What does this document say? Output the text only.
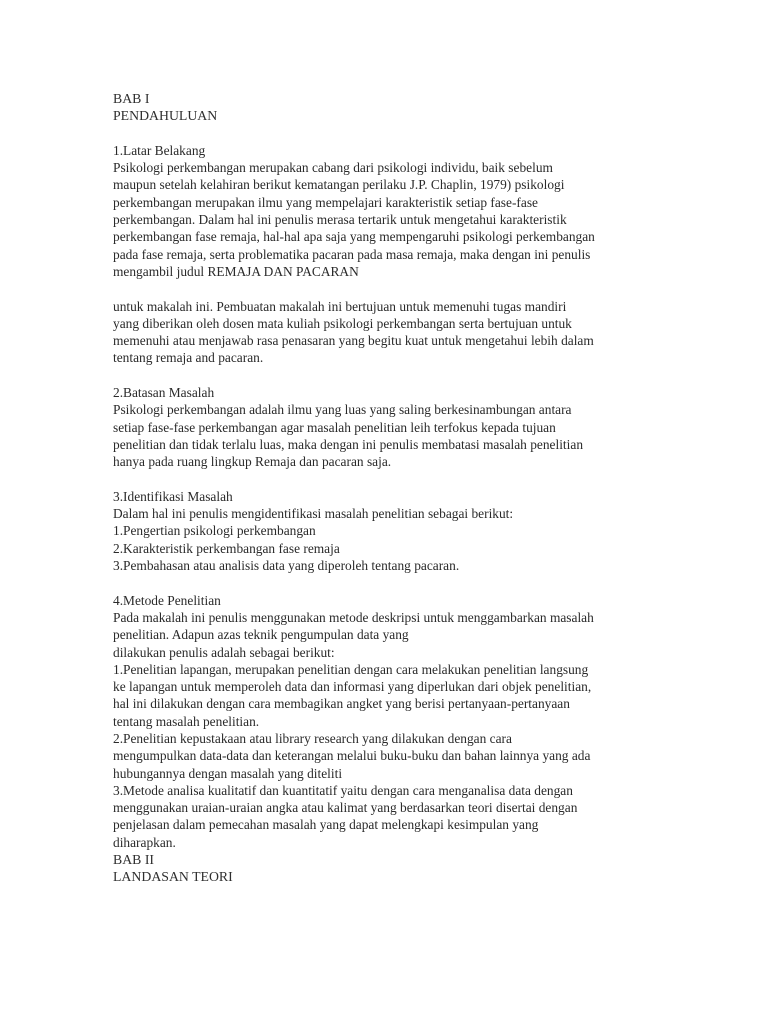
BAB I
PENDAHULUAN
1.Latar Belakang
Psikologi perkembangan merupakan cabang dari psikologi individu, baik sebelum
maupun setelah kelahiran berikut kematangan perilaku J.P. Chaplin, 1979) psikologi
perkembangan merupakan ilmu yang mempelajari karakteristik setiap fase-fase
perkembangan. Dalam hal ini penulis merasa tertarik untuk mengetahui karakteristik
perkembangan fase remaja, hal-hal apa saja yang mempengaruhi psikologi perkembangan
pada fase remaja, serta problematika pacaran pada masa remaja, maka dengan ini penulis
mengambil judul REMAJA DAN PACARAN
untuk makalah ini. Pembuatan makalah ini bertujuan untuk memenuhi tugas mandiri
yang diberikan oleh dosen mata kuliah psikologi perkembangan serta bertujuan untuk
memenuhi atau menjawab rasa penasaran yang begitu kuat untuk mengetahui lebih dalam
tentang remaja and pacaran.
2.Batasan Masalah
Psikologi perkembangan adalah ilmu yang luas yang saling berkesinambungan antara
setiap fase-fase perkembangan agar masalah penelitian leih terfokus kepada tujuan
penelitian dan tidak terlalu luas, maka dengan ini penulis membatasi masalah penelitian
hanya pada ruang lingkup Remaja dan pacaran saja.
3.Identifikasi Masalah
Dalam hal ini penulis mengidentifikasi masalah penelitian sebagai berikut:
1.Pengertian psikologi perkembangan
2.Karakteristik perkembangan fase remaja
3.Pembahasan atau analisis data yang diperoleh tentang pacaran.
4.Metode Penelitian
Pada makalah ini penulis menggunakan metode deskripsi untuk menggambarkan masalah
penelitian. Adapun azas teknik pengumpulan data yang
dilakukan penulis adalah sebagai berikut:
1.Penelitian lapangan, merupakan penelitian dengan cara melakukan penelitian langsung
ke lapangan untuk memperoleh data dan informasi yang diperlukan dari objek penelitian,
hal ini dilakukan dengan cara membagikan angket yang berisi pertanyaan-pertanyaan
tentang masalah penelitian.
2.Penelitian kepustakaan atau library research yang dilakukan dengan cara
mengumpulkan data-data dan keterangan melalui buku-buku dan bahan lainnya yang ada
hubungannya dengan masalah yang diteliti
3.Metode analisa kualitatif dan kuantitatif yaitu dengan cara menganalisa data dengan
menggunakan uraian-uraian angka atau kalimat yang berdasarkan teori disertai dengan
penjelasan dalam pemecahan masalah yang dapat melengkapi kesimpulan yang
diharapkan.
BAB II
LANDASAN TEORI
